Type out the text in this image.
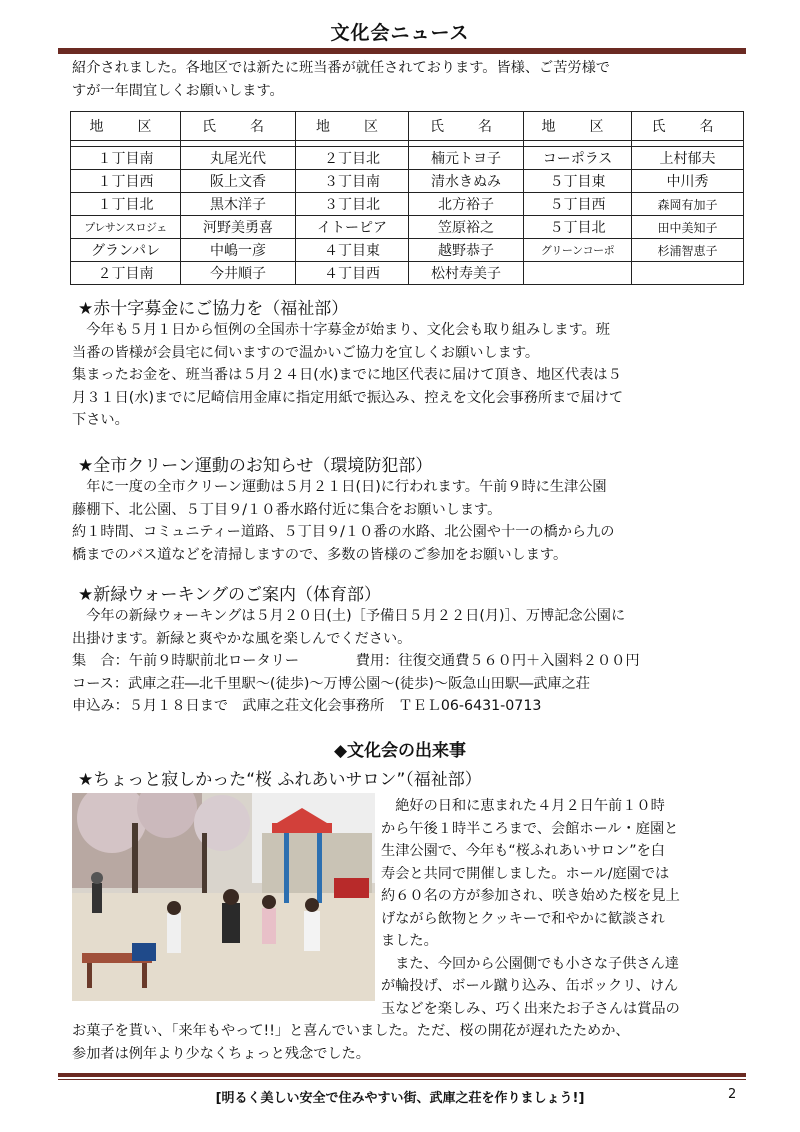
文化会ニュース

紹介されました。各地区では新たに班当番が就任されております。皆様、ご苦労様で

すが一年間宜しくお願いします。

地　区	氏　名	地　区	氏　名	地　区	氏　名

１丁目南	丸尾光代	２丁目北	楠元トヨ子	コーポラス	上村郁夫
１丁目西	阪上文香	３丁目南	清水きぬみ	５丁目東	中川秀
１丁目北	黒木洋子	３丁目北	北方裕子	５丁目西	森岡有加子
プレサンスロジェ	河野美勇喜	イトーピア	笠原裕之	５丁目北	田中美知子
グランパレ	中嶋一彦	４丁目東	越野恭子	グリーンコーポ	杉浦智恵子
２丁目南	今井順子	４丁目西	松村寿美子		
★赤十字募金にご協力を（福祉部）

　今年も５月１日から恒例の全国赤十字募金が始まり、文化会も取り組みします。班

当番の皆様が会員宅に伺いますので温かいご協力を宜しくお願いします。

集まったお金を、班当番は５月２４日(水)までに地区代表に届けて頂き、地区代表は５

月３１日(水)までに尼崎信用金庫に指定用紙で振込み、控えを文化会事務所まで届けて

下さい。

★全市クリーン運動のお知らせ（環境防犯部）

　年に一度の全市クリーン運動は５月２１日(日)に行われます。午前９時に生津公園

藤棚下、北公園、５丁目９/１０番水路付近に集合をお願いします。

約１時間、コミュニティー道路、５丁目９/１０番の水路、北公園や十一の橋から九の

橋までのバス道などを清掃しますので、多数の皆様のご参加をお願いします。

★新緑ウォーキングのご案内（体育部）

　今年の新緑ウォーキングは５月２０日(土)［予備日５月２２日(月)］、万博記念公園に

出掛けます。新緑と爽やかな風を楽しんでください。

集　合：午前９時駅前北ロータリー　　　　費用：往復交通費５６０円＋入園料２００円

コース：武庫之荘―北千里駅～(徒歩)～万博公園～(徒歩)～阪急山田駅―武庫之荘

申込み：５月１８日まで　武庫之荘文化会事務所　ＴＥＬ06-6431-0713

◆文化会の出来事
★ちょっと寂しかった“桜 ふれあいサロン”（福祉部）

　絶好の日和に恵まれた４月２日午前１０時

から午後１時半ころまで、会館ホール・庭園と

生津公園で、今年も“桜ふれあいサロン”を白

寿会と共同で開催しました。ホール/庭園では

約６０名の方が参加され、咲き始めた桜を見上

げながら飲物とクッキーで和やかに歓談され

ました。

　また、今回から公園側でも小さな子供さん達

が輪投げ、ボール蹴り込み、缶ポックリ、けん

玉などを楽しみ、巧く出来たお子さんは賞品の

お菓子を貰い、「来年もやって!!」と喜んでいました。ただ、桜の開花が遅れたためか、

参加者は例年より少なくちょっと残念でした。

[明るく美しい安全で住みやすい街、武庫之荘を作りましょう!]	2
